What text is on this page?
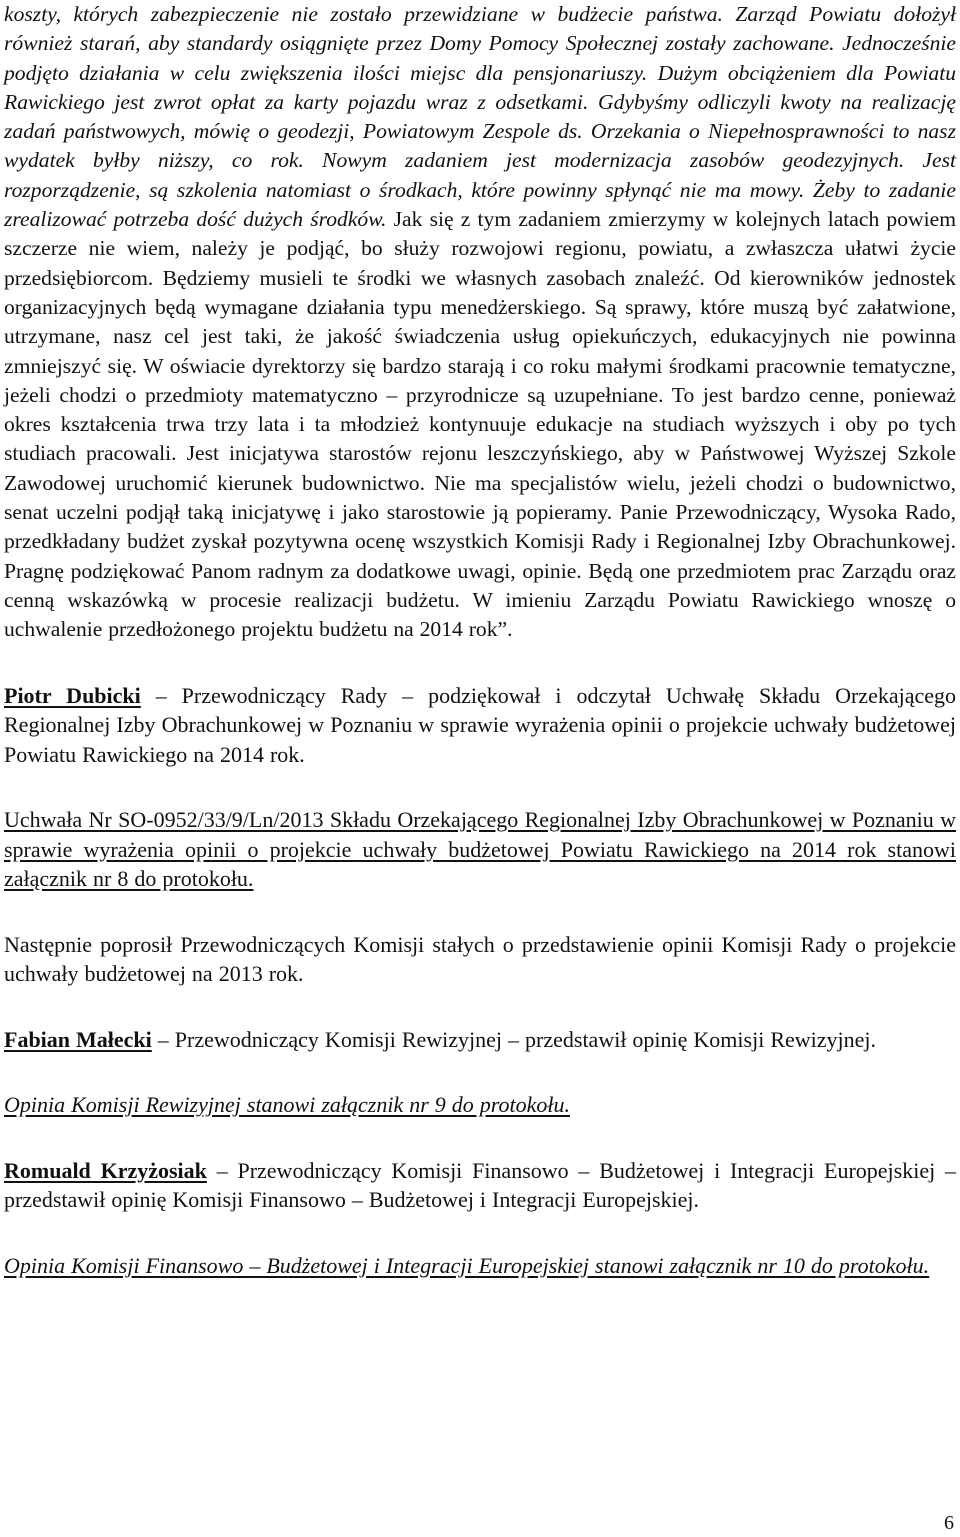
koszty, których zabezpieczenie nie zostało przewidziane w budżecie państwa. Zarząd Powiatu dołożył również starań, aby standardy osiągnięte przez Domy Pomocy Społecznej zostały zachowane. Jednocześnie podjęto działania w celu zwiększenia ilości miejsc dla pensjonariuszy. Dużym obciążeniem dla Powiatu Rawickiego jest zwrot opłat za karty pojazdu wraz z odsetkami. Gdybyśmy odliczyli kwoty na realizację zadań państwowych, mówię o geodezji, Powiatowym Zespole ds. Orzekania o Niepełnosprawności to nasz wydatek byłby niższy, co rok. Nowym zadaniem jest modernizacja zasobów geodezyjnych. Jest rozporządzenie, są szkolenia natomiast o środkach, które powinny spłynąć nie ma mowy. Żeby to zadanie zrealizować potrzeba dość dużych środków. Jak się z tym zadaniem zmierzymy w kolejnych latach powiem szczerze nie wiem, należy je podjąć, bo służy rozwojowi regionu, powiatu, a zwłaszcza ułatwi życie przedsiębiorcom. Będziemy musieli te środki we własnych zasobach znaleźć. Od kierowników jednostek organizacyjnych będą wymagane działania typu menedżerskiego. Są sprawy, które muszą być załatwione, utrzymane, nasz cel jest taki, że jakość świadczenia usług opiekuńczych, edukacyjnych nie powinna zmniejszyć się. W oświacie dyrektorzy się bardzo starają i co roku małymi środkami pracownie tematyczne, jeżeli chodzi o przedmioty matematyczno – przyrodnicze są uzupełniane. To jest bardzo cenne, ponieważ okres kształcenia trwa trzy lata i ta młodzież kontynuuje edukacje na studiach wyższych i oby po tych studiach pracowali. Jest inicjatywa starostów rejonu leszczyńskiego, aby w Państwowej Wyższej Szkole Zawodowej uruchomić kierunek budownictwo. Nie ma specjalistów wielu, jeżeli chodzi o budownictwo, senat uczelni podjął taką inicjatywę i jako starostowie ją popieramy. Panie Przewodniczący, Wysoka Rado, przedkładany budżet zyskał pozytywna ocenę wszystkich Komisji Rady i Regionalnej Izby Obrachunkowej. Pragnę podziękować Panom radnym za dodatkowe uwagi, opinie. Będą one przedmiotem prac Zarządu oraz cenną wskazówką w procesie realizacji budżetu. W imieniu Zarządu Powiatu Rawickiego wnoszę o uchwalenie przedłożonego projektu budżetu na 2014 rok”.

Piotr Dubicki – Przewodniczący Rady – podziękował i odczytał Uchwałę Składu Orzekającego Regionalnej Izby Obrachunkowej w Poznaniu w sprawie wyrażenia opinii o projekcie uchwały budżetowej Powiatu Rawickiego na 2014 rok.

Uchwała Nr SO-0952/33/9/Ln/2013 Składu Orzekającego Regionalnej Izby Obrachunkowej w Poznaniu w sprawie wyrażenia opinii o projekcie uchwały budżetowej Powiatu Rawickiego na 2014 rok stanowi załącznik nr 8 do protokołu.

Następnie poprosił Przewodniczących Komisji stałych o przedstawienie opinii Komisji Rady o projekcie uchwały budżetowej na 2013 rok.

Fabian Małecki – Przewodniczący Komisji Rewizyjnej – przedstawił opinię Komisji Rewizyjnej.

Opinia Komisji Rewizyjnej stanowi załącznik nr 9 do protokołu.

Romuald Krzyżosiak – Przewodniczący Komisji Finansowo – Budżetowej i Integracji Europejskiej – przedstawił opinię Komisji Finansowo – Budżetowej i Integracji Europejskiej.

Opinia Komisji Finansowo – Budżetowej i Integracji Europejskiej stanowi załącznik nr 10 do protokołu.

6
